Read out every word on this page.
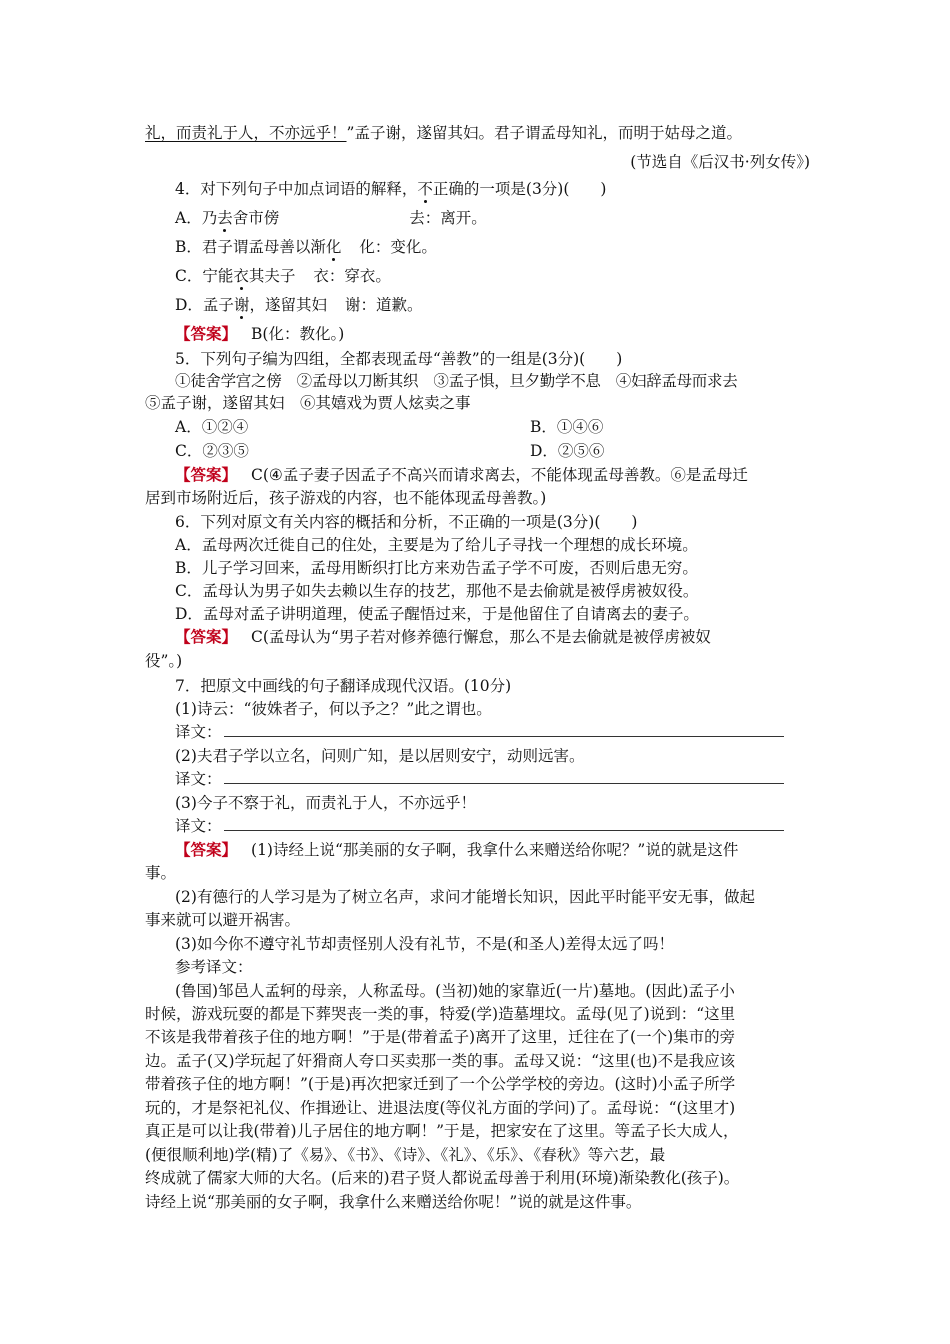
礼，而责礼于人，不亦远乎！”孟子谢，遂留其妇。君子谓孟母知礼，而明于姑母之道。
(节选自《后汉书·列女传》)
4．对下列句子中加点词语的解释，不正确的一项是(3分)(　　)
A．乃去舍市傍	去：离开。
B．君子谓孟母善以渐化 化：变化。
C．宁能衣其夫子 衣：穿衣。
D．孟子谢，遂留其妇 谢：道歉。
【答案】 B(化：教化。)
5．下列句子编为四组，全都表现孟母“善教”的一组是(3分)(　　)
①徒舍学宫之傍　②孟母以刀断其织　③孟子惧，旦夕勤学不息　④妇辞孟母而求去
⑤孟子谢，遂留其妇　⑥其嬉戏为贾人炫卖之事
A．①②④	B．①④⑥
C．②③⑤	D．②⑤⑥
【答案】 C(④孟子妻子因孟子不高兴而请求离去，不能体现孟母善教。⑥是孟母迁
居到市场附近后，孩子游戏的内容，也不能体现孟母善教。)
6．下列对原文有关内容的概括和分析，不正确的一项是(3分)(　　)
A．孟母两次迁徙自己的住处，主要是为了给儿子寻找一个理想的成长环境。
B．儿子学习回来，孟母用断织打比方来劝告孟子学不可废，否则后患无穷。
C．孟母认为男子如失去赖以生存的技艺，那他不是去偷就是被俘虏被奴役。
D．孟母对孟子讲明道理，使孟子醒悟过来，于是他留住了自请离去的妻子。
【答案】 C(孟母认为“男子若对修养德行懈怠，那么不是去偷就是被俘虏被奴
役”。)
7．把原文中画线的句子翻译成现代汉语。(10分)
(1)诗云：“彼姝者子，何以予之？”此之谓也。
译文：
(2)夫君子学以立名，问则广知，是以居则安宁，动则远害。
译文：
(3)今子不察于礼，而责礼于人，不亦远乎！
译文：
【答案】 (1)诗经上说“那美丽的女子啊，我拿什么来赠送给你呢？”说的就是这件
事。
(2)有德行的人学习是为了树立名声，求问才能增长知识，因此平时能平安无事，做起
事来就可以避开祸害。
(3)如今你不遵守礼节却责怪别人没有礼节，不是(和圣人)差得太远了吗！
参考译文：
(鲁国)邹邑人孟轲的母亲，人称孟母。(当初)她的家靠近(一片)墓地。(因此)孟子小
时候，游戏玩耍的都是下葬哭丧一类的事，特爱(学)造墓埋坟。孟母(见了)说到：“这里
不该是我带着孩子住的地方啊！”于是(带着孟子)离开了这里，迁往在了(一个)集市的旁
边。孟子(又)学玩起了奸猾商人夸口买卖那一类的事。孟母又说：“这里(也)不是我应该
带着孩子住的地方啊！”(于是)再次把家迁到了一个公学学校的旁边。(这时)小孟子所学
玩的，才是祭祀礼仪、作揖逊让、进退法度(等仪礼方面的学问)了。孟母说：“(这里才)
真正是可以让我(带着)儿子居住的地方啊！”于是，把家安在了这里。等孟子长大成人，
(便很顺利地)学(精)了《易》、《书》、《诗》、《礼》、《乐》、《春秋》等六艺，最
终成就了儒家大师的大名。(后来的)君子贤人都说孟母善于利用(环境)渐染教化(孩子)。
诗经上说“那美丽的女子啊，我拿什么来赠送给你呢！”说的就是这件事。
